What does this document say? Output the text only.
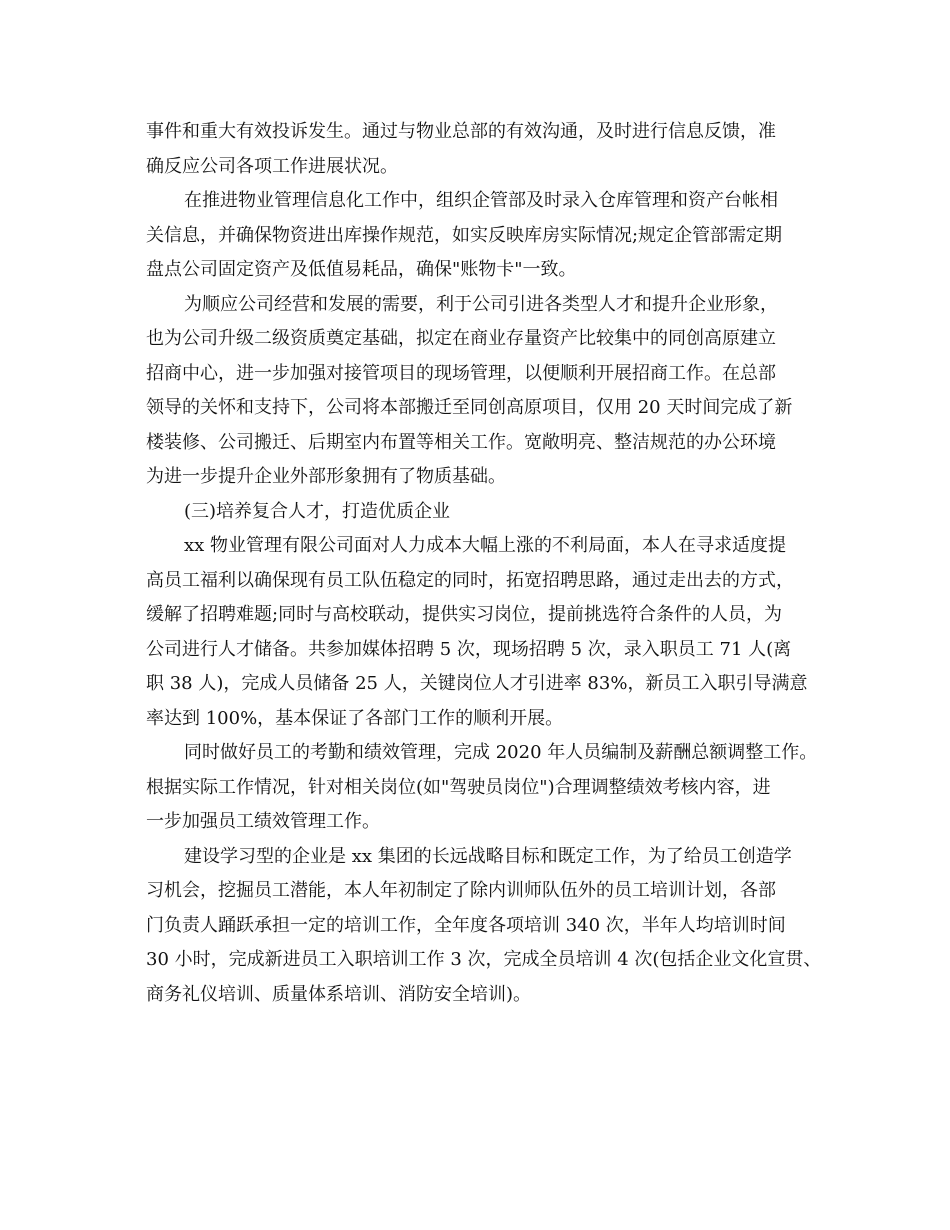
事件和重大有效投诉发生。通过与物业总部的有效沟通，及时进行信息反馈，准
确反应公司各项工作进展状况。
在推进物业管理信息化工作中，组织企管部及时录入仓库管理和资产台帐相
关信息，并确保物资进出库操作规范，如实反映库房实际情况;规定企管部需定期
盘点公司固定资产及低值易耗品，确保"账物卡"一致。
为顺应公司经营和发展的需要，利于公司引进各类型人才和提升企业形象，
也为公司升级二级资质奠定基础，拟定在商业存量资产比较集中的同创高原建立
招商中心，进一步加强对接管项目的现场管理，以便顺利开展招商工作。在总部
领导的关怀和支持下，公司将本部搬迁至同创高原项目，仅用 20 天时间完成了新
楼装修、公司搬迁、后期室内布置等相关工作。宽敞明亮、整洁规范的办公环境
为进一步提升企业外部形象拥有了物质基础。
(三)培养复合人才，打造优质企业
xx 物业管理有限公司面对人力成本大幅上涨的不利局面，本人在寻求适度提
高员工福利以确保现有员工队伍稳定的同时，拓宽招聘思路，通过走出去的方式，
缓解了招聘难题;同时与高校联动，提供实习岗位，提前挑选符合条件的人员，为
公司进行人才储备。共参加媒体招聘 5 次，现场招聘 5 次，录入职员工 71 人(离
职 38 人)，完成人员储备 25 人，关键岗位人才引进率 83%，新员工入职引导满意
率达到 100%，基本保证了各部门工作的顺利开展。
同时做好员工的考勤和绩效管理，完成 2020 年人员编制及薪酬总额调整工作。
根据实际工作情况，针对相关岗位(如"驾驶员岗位")合理调整绩效考核内容，进
一步加强员工绩效管理工作。
建设学习型的企业是 xx 集团的长远战略目标和既定工作，为了给员工创造学
习机会，挖掘员工潜能，本人年初制定了除内训师队伍外的员工培训计划，各部
门负责人踊跃承担一定的培训工作，全年度各项培训 340 次，半年人均培训时间
30 小时，完成新进员工入职培训工作 3 次，完成全员培训 4 次(包括企业文化宣贯、
商务礼仪培训、质量体系培训、消防安全培训)。
